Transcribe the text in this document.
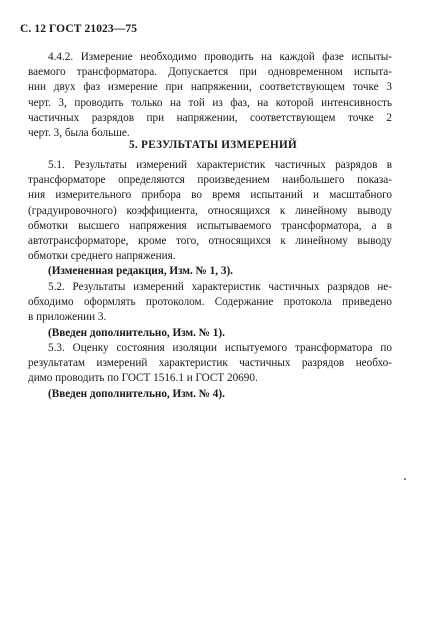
С. 12 ГОСТ 21023—75
4.4.2. Измерение необходимо проводить на каждой фазе испыты-
ваемого трансформатора. Допускается при одновременном испыта-
нии двух фаз измерение при напряжении, соответствующем точке 3
черт. 3, проводить только на той из фаз, на которой интенсивность
частичных разрядов при напряжении, соответствующем точке 2
черт. 3, была больше.
5. РЕЗУЛЬТАТЫ ИЗМЕРЕНИЙ
5.1. Результаты измерений характеристик частичных разрядов в
трансформаторе определяются произведением наибольшего показа-
ния измерительного прибора во время испытаний и масштабного
(градуировочного) коэффициента, относящихся к линейному выводу
обмотки высшего напряжения испытываемого трансформатора, а в
автотрансформаторе, кроме того, относящихся к линейному выводу
обмотки среднего напряжения.
(Измененная редакция, Изм. № 1, 3).
5.2. Результаты измерений характеристик частичных разрядов не-
обходимо оформлять протоколом. Содержание протокола приведено
в приложении 3.
(Введен дополнительно, Изм. № 1).
5.3. Оценку состояния изоляции испытуемого трансформатора по
результатам измерений характеристик частичных разрядов необхо-
димо проводить по ГОСТ 1516.1 и ГОСТ 20690.
(Введен дополнительно, Изм. № 4).
